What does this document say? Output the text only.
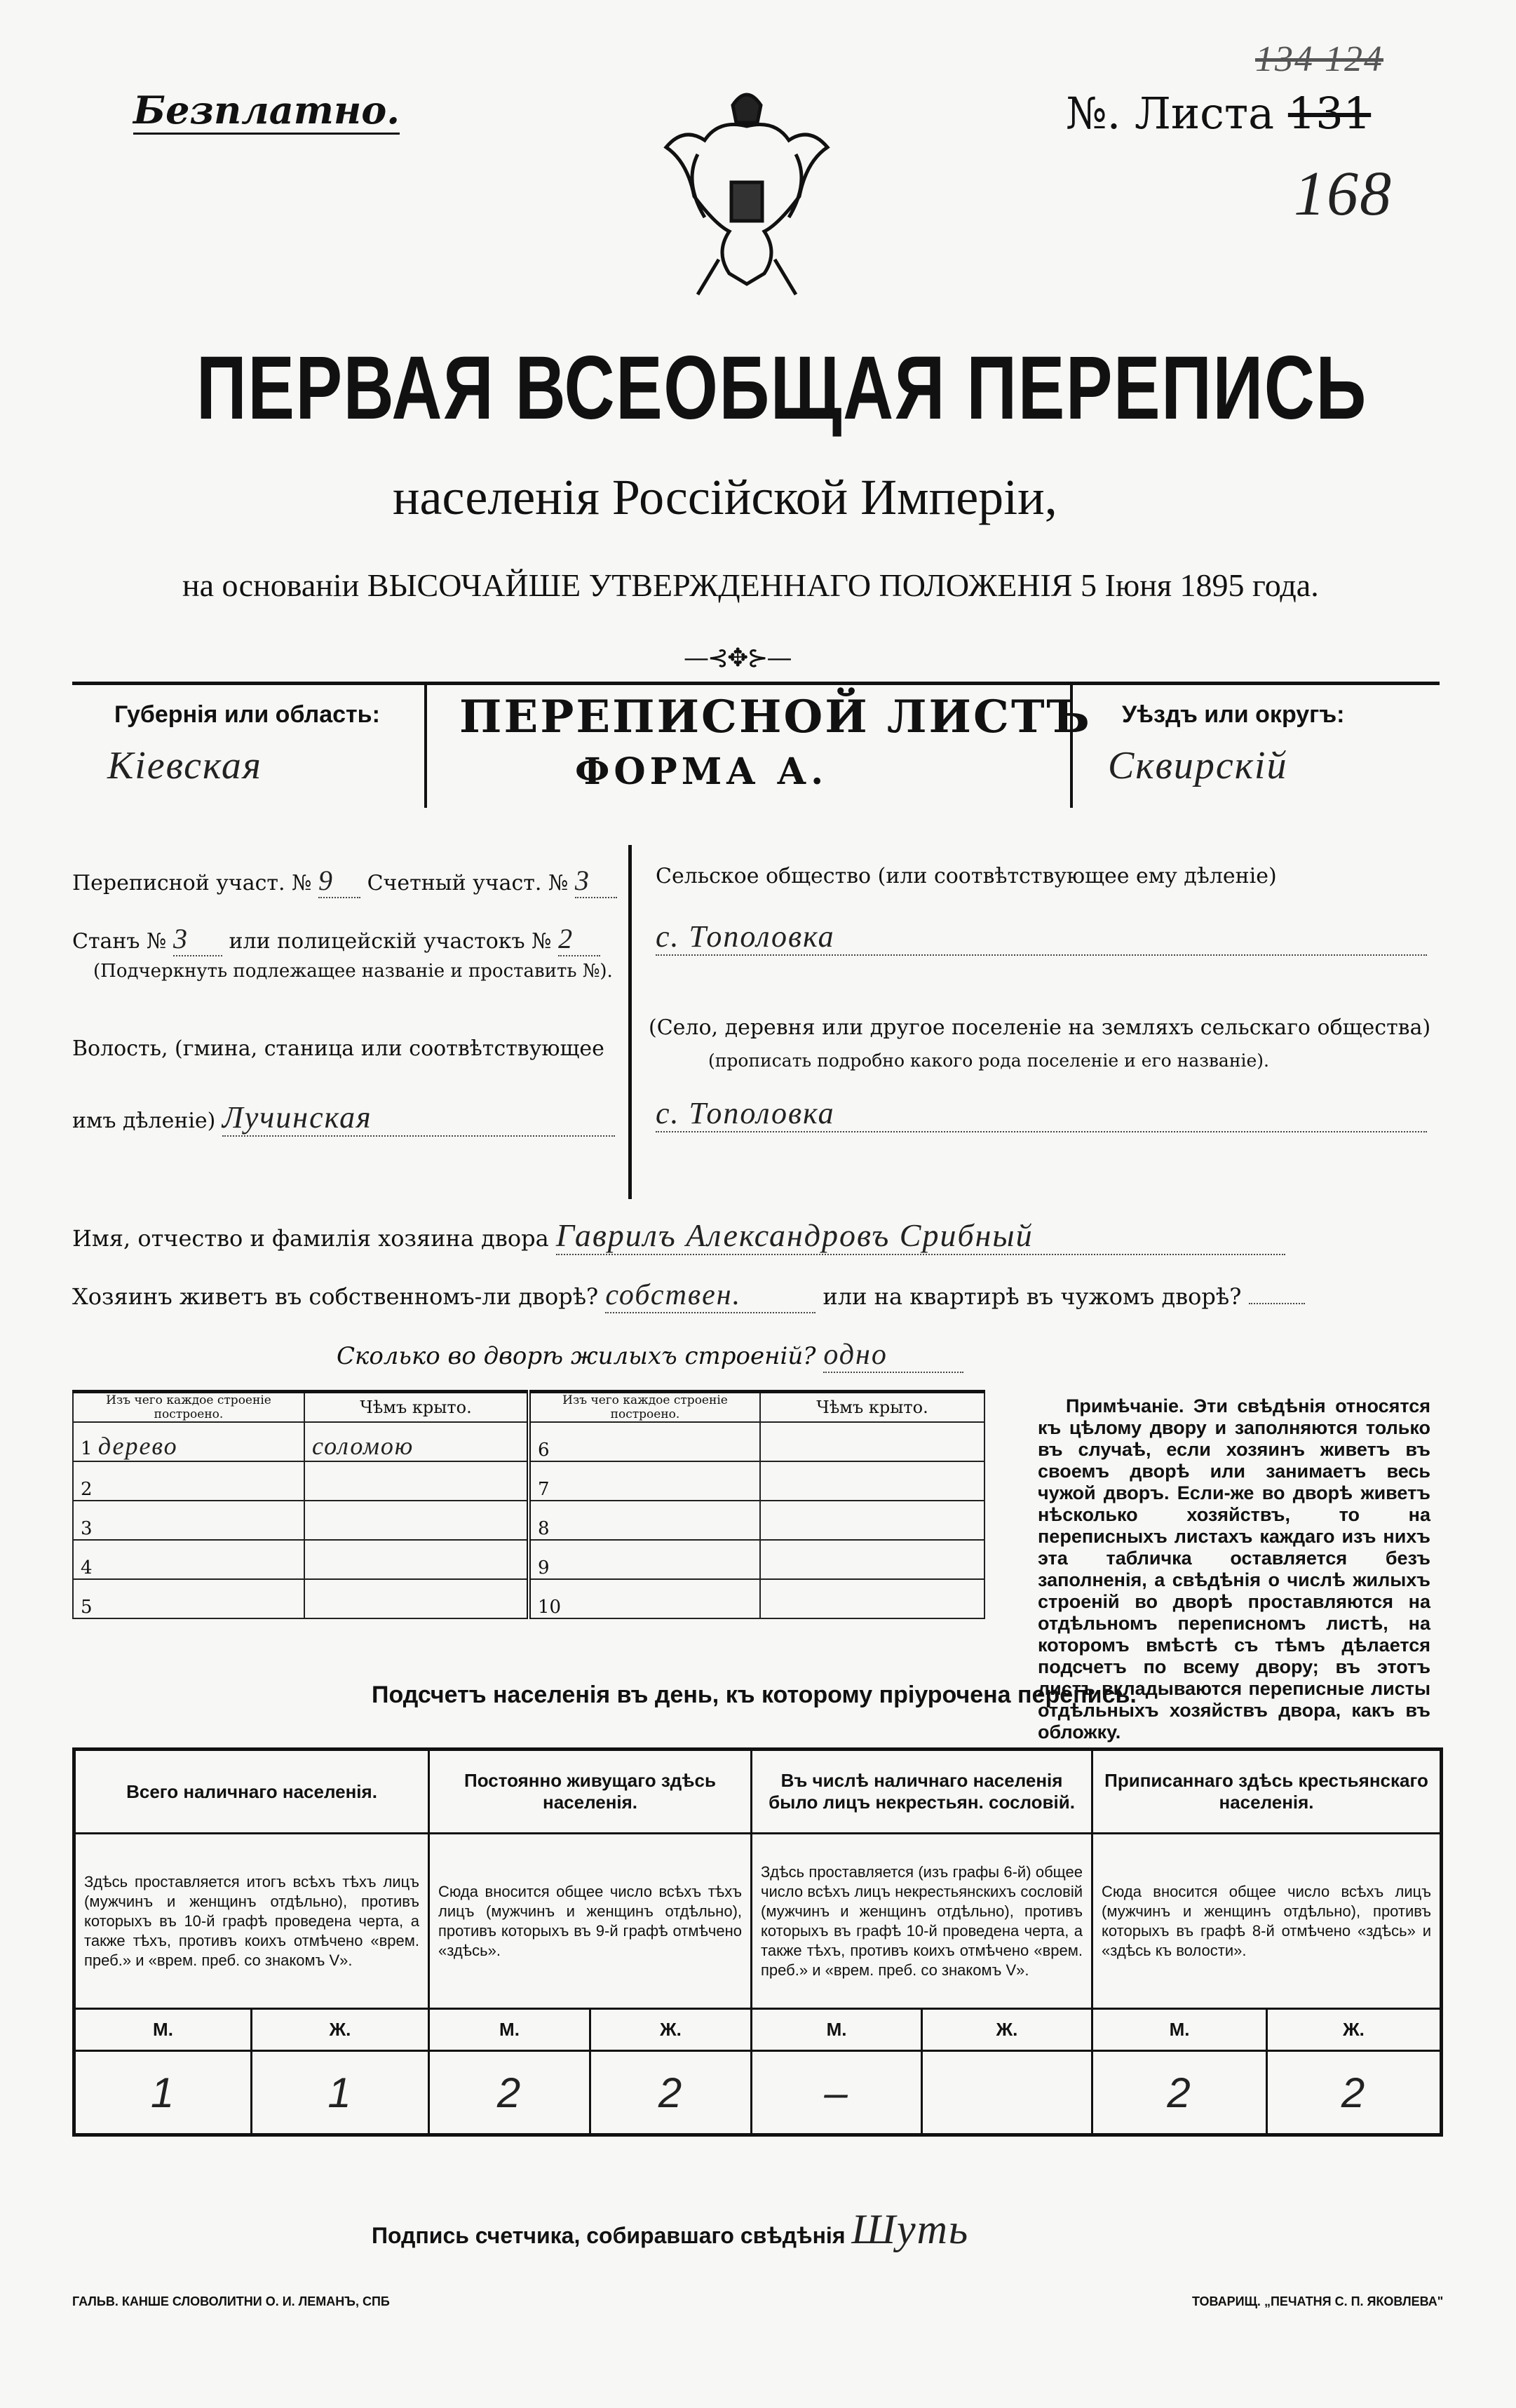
Безплатно.	№. Листа 131
134 124
168
ПЕРВАЯ ВСЕОБЩАЯ ПЕРЕПИСЬ
населенія Россійской Имперіи,
на основаніи ВЫСОЧАЙШЕ УТВЕРЖДЕННАГО ПОЛОЖЕНІЯ 5 Іюня 1895 года.
—⊰✥⊱—
Губернія или область:
Кіевская
ПЕРЕПИСНОЙ ЛИСТЪ
ФОРМА А.
Уѣздъ или округъ:
Сквирскій
Переписной участ. № 9 Счетный участ. № 3
Станъ № 3 или полицейскій участокъ № 2
(Подчеркнуть подлежащее названіе и проставить №).
Волость, (гмина, станица или соотвѣтствующее
имъ дѣленіе) Лучинская
Сельское общество (или соотвѣтствующее ему дѣленіе)
с. Тополовка
(Село, деревня или другое поселеніе на земляхъ сельскаго общества)
(прописать подробно какого рода поселеніе и его названіе).
с. Тополовка
Имя, отчество и фамилія хозяина двора Гаврилъ Александровъ Срибный
Хозяинъ живетъ въ собственномъ-ли дворѣ? собствен.	или на квартирѣ въ чужомъ дворѣ?
Сколько во дворѣ жилыхъ строеній? одно
Изъ чего каждое строеніе построено.	Чѣмъ крыто.	Изъ чего каждое строеніе построено.	Чѣмъ крыто.
1 дерево	соломою	6	
2		7	
3		8	
4		9	
5		10	
Примѣчаніе. Эти свѣдѣнія относятся къ цѣлому двору и заполняются только въ случаѣ, если хозяинъ живетъ въ своемъ дворѣ или занимаетъ весь чужой дворъ. Если-же во дворѣ живетъ нѣсколько хозяйствъ, то на переписныхъ листахъ каждаго изъ нихъ эта табличка оставляется безъ заполненія, а свѣдѣнія о числѣ жилыхъ строеній во дворѣ проставляются на отдѣльномъ переписномъ листѣ, на которомъ вмѣстѣ съ тѣмъ дѣлается подсчетъ по всему двору; въ этотъ листъ вкладываются переписные листы отдѣльныхъ хозяйствъ двора, какъ въ обложку.
Подсчетъ населенія въ день, къ которому пріурочена перепись.
Всего наличнаго населенія.		Постоянно живущаго здѣсь населенія.		Въ числѣ наличнаго населенія было лицъ некрестьян. сословій.		Приписаннаго здѣсь крестьянскаго населенія.	
Здѣсь проставляется итогъ всѣхъ тѣхъ лицъ (мужчинъ и женщинъ отдѣльно), противъ которыхъ въ 10-й графѣ проведена черта, а также тѣхъ, противъ коихъ отмѣчено «врем. преб.» и «врем. преб. со знакомъ V».		Сюда вносится общее число всѣхъ тѣхъ лицъ (мужчинъ и женщинъ отдѣльно), противъ которыхъ въ 9-й графѣ отмѣчено «здѣсь».		Здѣсь проставляется (изъ графы 6-й) общее число всѣхъ лицъ некрестьянскихъ сословій (мужчинъ и женщинъ отдѣльно), противъ которыхъ въ графѣ 10-й проведена черта, а также тѣхъ, противъ коихъ отмѣчено «врем. преб.» и «врем. преб. со знакомъ V».		Сюда вносится общее число всѣхъ лицъ (мужчинъ и женщинъ отдѣльно), противъ которыхъ въ графѣ 8-й отмѣчено «здѣсь» и «здѣсь къ волости».	
М.	Ж.	М.	Ж.	М.	Ж.	М.	Ж.
1	1	2	2	–		2	2
Подпись счетчика, собиравшаго свѣдѣнія Шуть
ГАЛЬВ. КАНШЕ СЛОВОЛИТНИ О. И. ЛЕМАНЪ, СПБ	ТОВАРИЩ. „ПЕЧАТНЯ С. П. ЯКОВЛЕВА"
